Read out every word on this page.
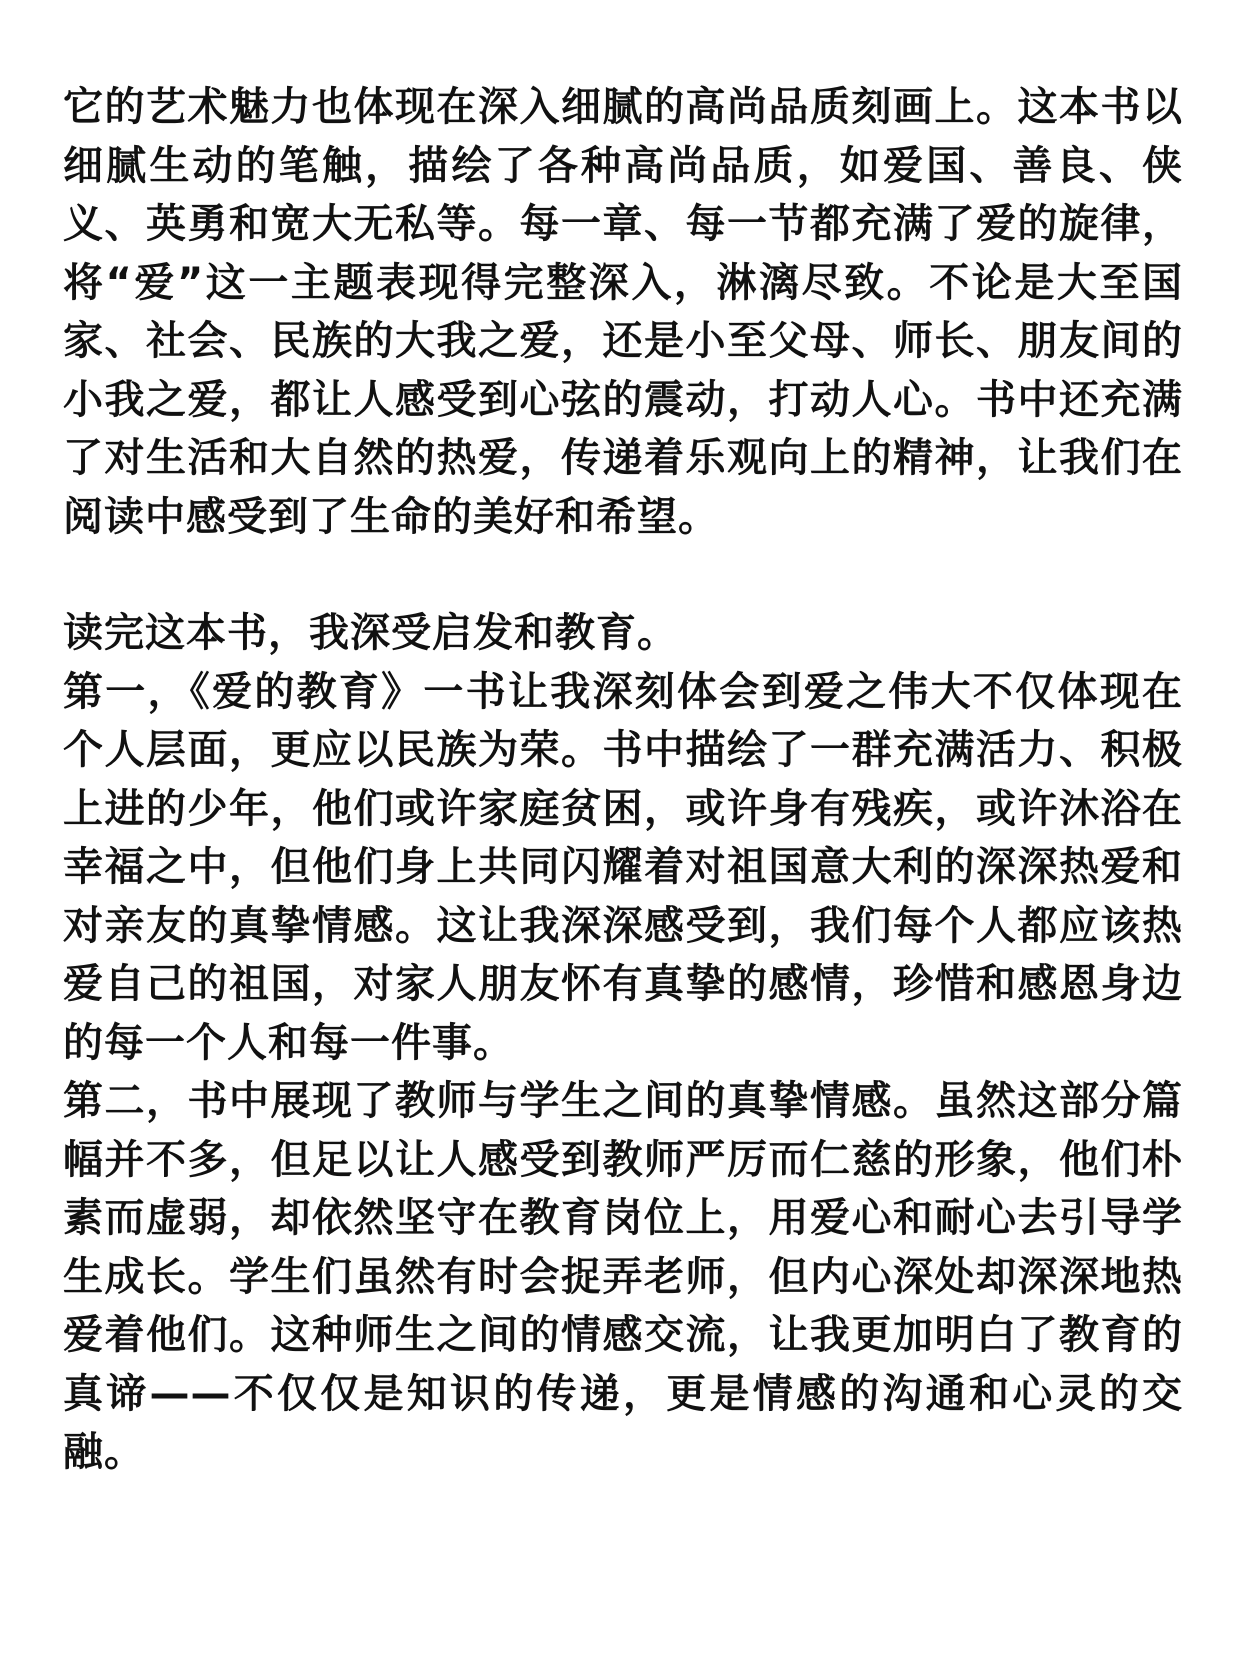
它的艺术魅力也体现在深入细腻的高尚品质刻画上。这本书以细腻生动的笔触，描绘了各种高尚品质，如爱国、善良、侠义、英勇和宽大无私等。每一章、每一节都充满了爱的旋律，将“爱”这一主题表现得完整深入，淋漓尽致。不论是大至国家、社会、民族的大我之爱，还是小至父母、师长、朋友间的小我之爱，都让人感受到心弦的震动，打动人心。书中还充满了对生活和大自然的热爱，传递着乐观向上的精神，让我们在阅读中感受到了生命的美好和希望。

读完这本书，我深受启发和教育。

第一，《爱的教育》一书让我深刻体会到爱之伟大不仅体现在个人层面，更应以民族为荣。书中描绘了一群充满活力、积极上进的少年，他们或许家庭贫困，或许身有残疾，或许沐浴在幸福之中，但他们身上共同闪耀着对祖国意大利的深深热爱和对亲友的真挚情感。这让我深深感受到，我们每个人都应该热爱自己的祖国，对家人朋友怀有真挚的感情，珍惜和感恩身边的每一个人和每一件事。

第二，书中展现了教师与学生之间的真挚情感。虽然这部分篇幅并不多，但足以让人感受到教师严厉而仁慈的形象，他们朴素而虚弱，却依然坚守在教育岗位上，用爱心和耐心去引导学生成长。学生们虽然有时会捉弄老师，但内心深处却深深地热爱着他们。这种师生之间的情感交流，让我更加明白了教育的真谛——不仅仅是知识的传递，更是情感的沟通和心灵的交融。
